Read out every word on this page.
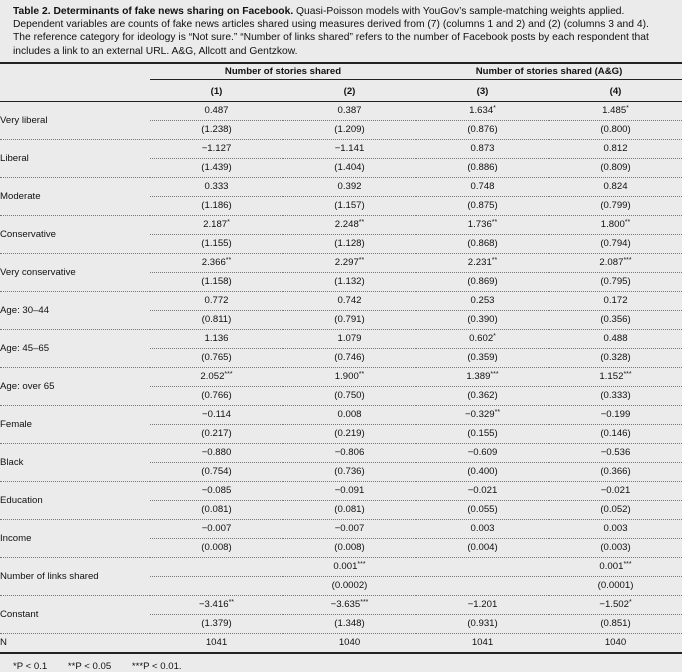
Table 2. Determinants of fake news sharing on Facebook. Quasi-Poisson models with YouGov’s sample-matching weights applied. Dependent variables are counts of fake news articles shared using measures derived from (7) (columns 1 and 2) and (2) (columns 3 and 4). The reference category for ideology is “Not sure.” “Number of links shared” refers to the number of Facebook posts by each respondent that includes a link to an external URL. A&G, Allcott and Gentzkow.
	Number of stories shared		Number of stories shared (A&G)	
	(1)	(2)	(3)	(4)
Very liberal	0.487	0.387	1.634*	1.485*
	(1.238)	(1.209)	(0.876)	(0.800)
Liberal	−1.127	−1.141	0.873	0.812
	(1.439)	(1.404)	(0.886)	(0.809)
Moderate	0.333	0.392	0.748	0.824
	(1.186)	(1.157)	(0.875)	(0.799)
Conservative	2.187*	2.248**	1.736**	1.800**
	(1.155)	(1.128)	(0.868)	(0.794)
Very conservative	2.366**	2.297**	2.231**	2.087***
	(1.158)	(1.132)	(0.869)	(0.795)
Age: 30–44	0.772	0.742	0.253	0.172
	(0.811)	(0.791)	(0.390)	(0.356)
Age: 45–65	1.136	1.079	0.602*	0.488
	(0.765)	(0.746)	(0.359)	(0.328)
Age: over 65	2.052***	1.900**	1.389***	1.152***
	(0.766)	(0.750)	(0.362)	(0.333)
Female	−0.114	0.008	−0.329**	−0.199
	(0.217)	(0.219)	(0.155)	(0.146)
Black	−0.880	−0.806	−0.609	−0.536
	(0.754)	(0.736)	(0.400)	(0.366)
Education	−0.085	−0.091	−0.021	−0.021
	(0.081)	(0.081)	(0.055)	(0.052)
Income	−0.007	−0.007	0.003	0.003
	(0.008)	(0.008)	(0.004)	(0.003)
Number of links shared		0.001***		0.001***
		(0.0002)		(0.0001)
Constant	−3.416**	−3.635***	−1.201	−1.502*
	(1.379)	(1.348)	(0.931)	(0.851)
N	1041	1040	1041	1040
*P < 0.1 **P < 0.05 ***P < 0.01.
